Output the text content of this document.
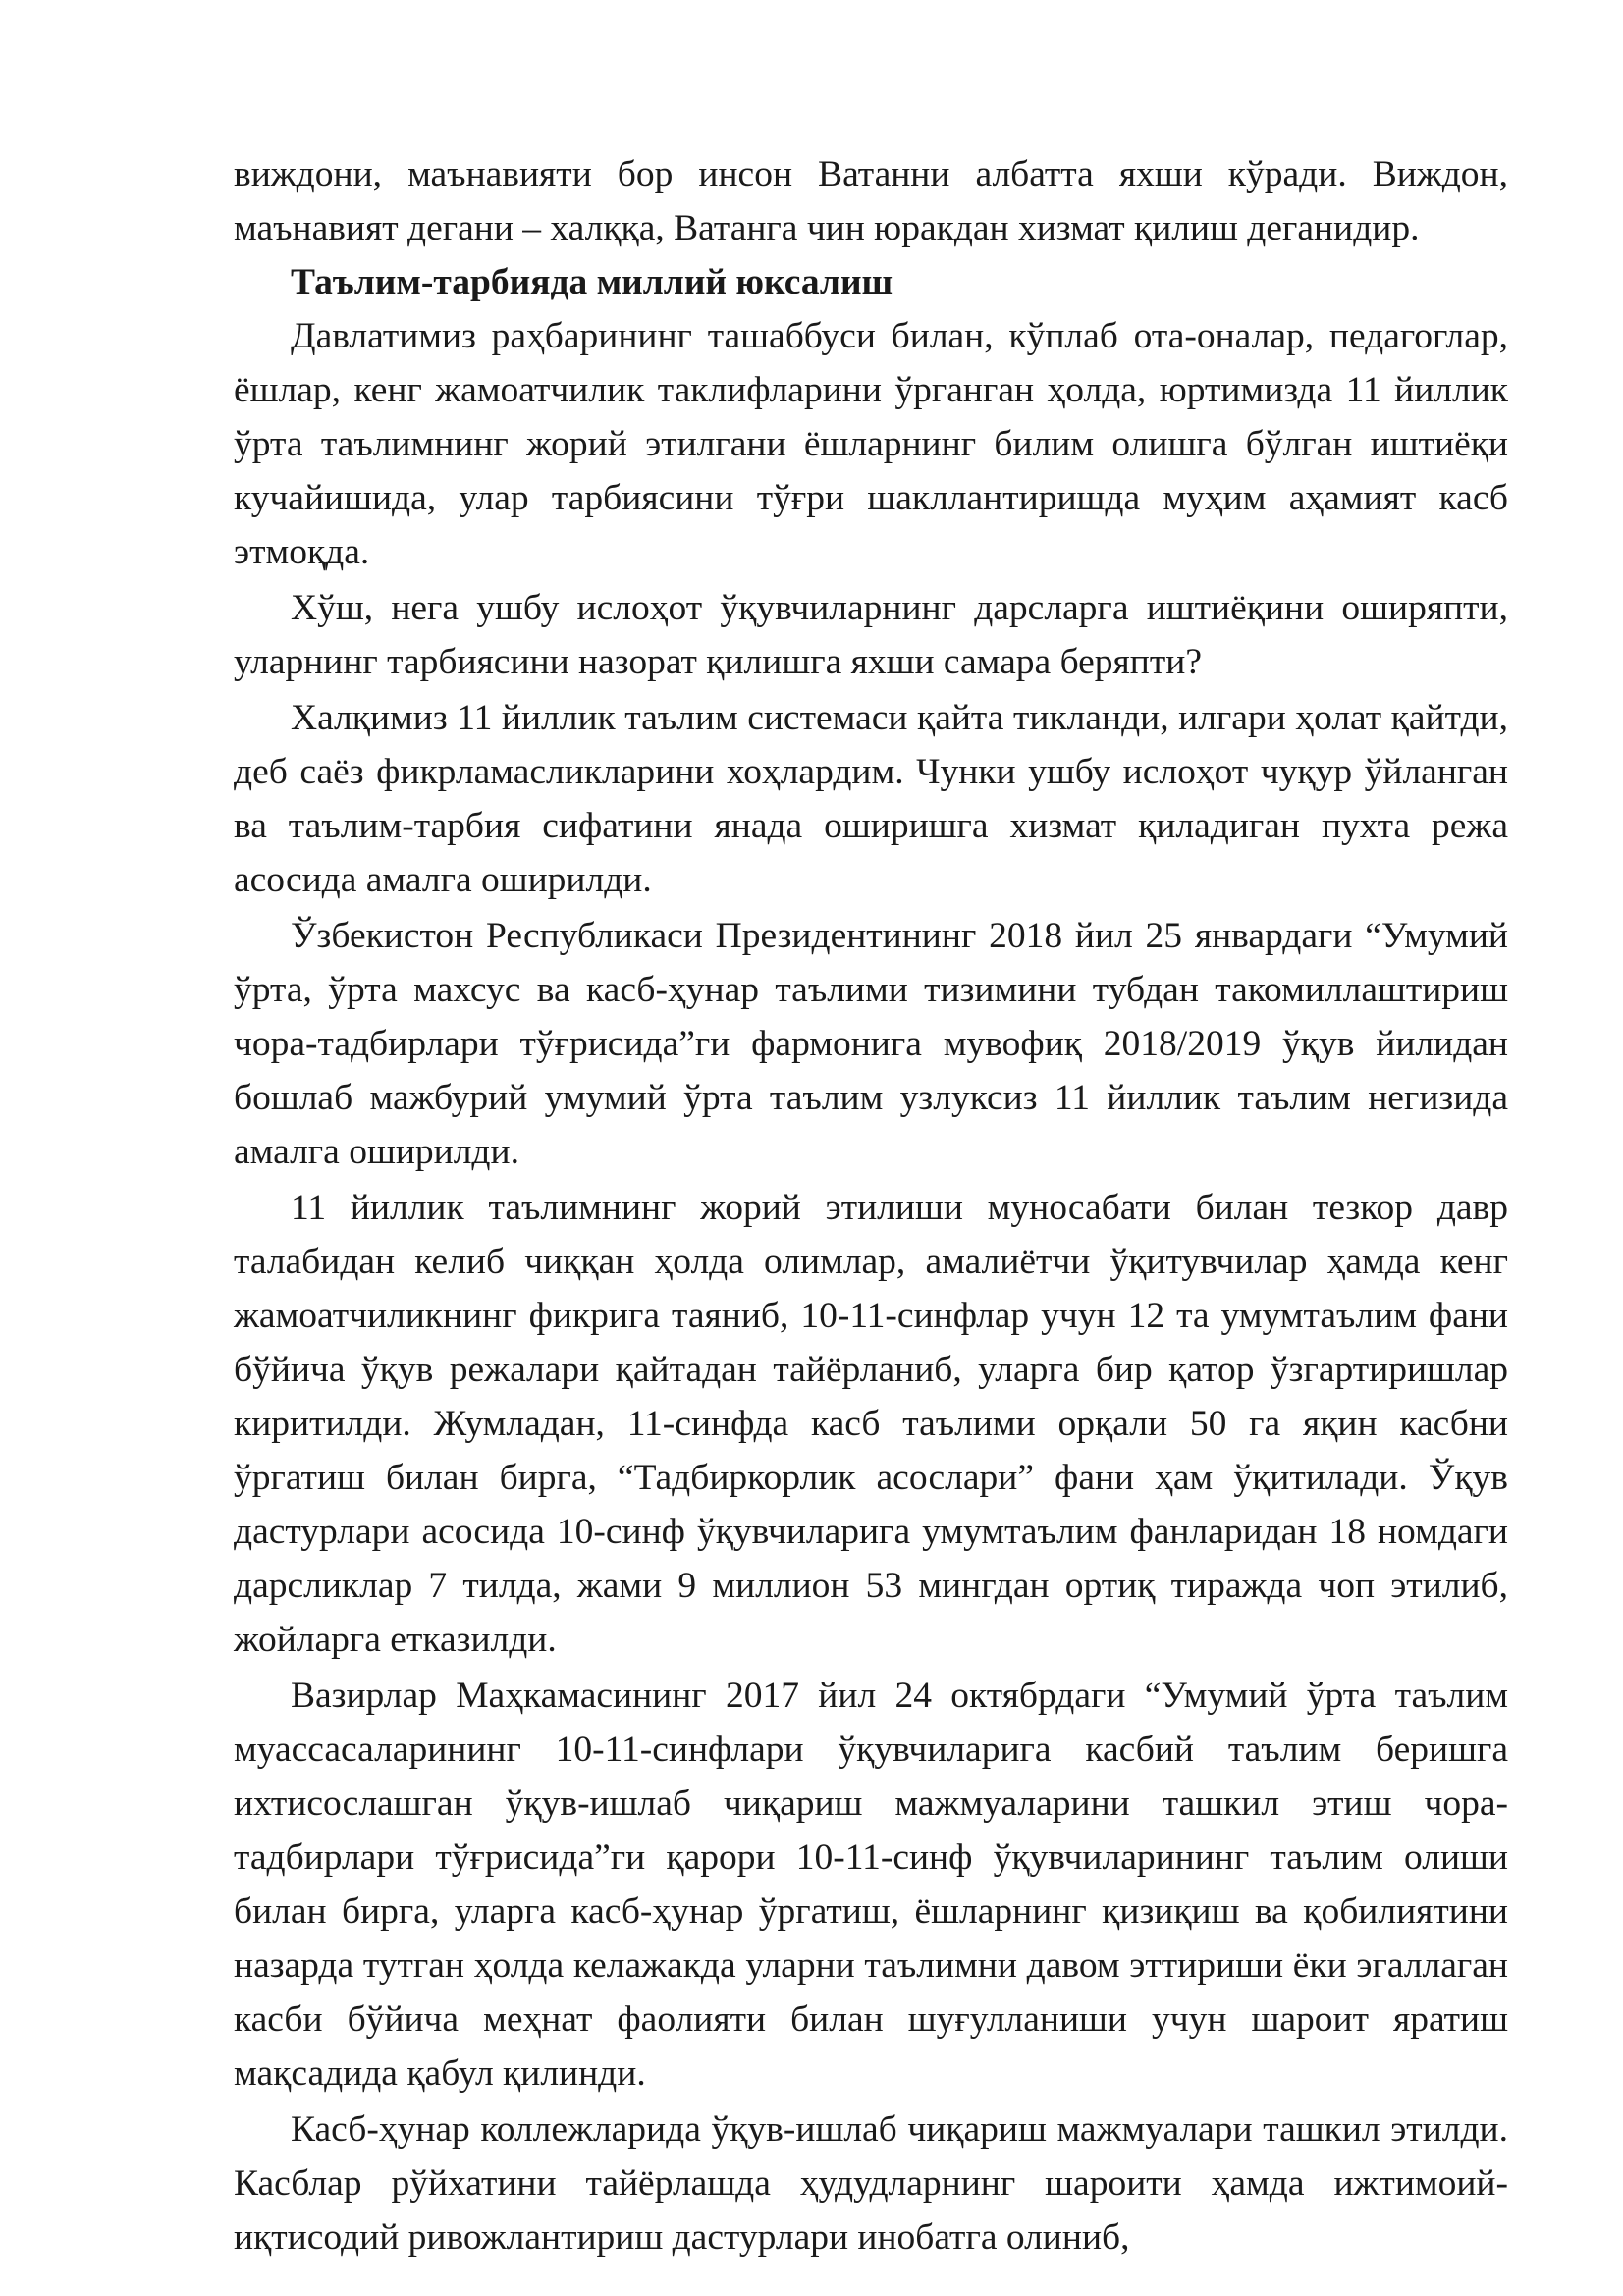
виждони, маънавияти бор инсон Ватанни албатта яхши кўради. Виждон, маънавият дегани – халққа, Ватанга чин юракдан хизмат қилиш деганидир.

Таълим-тарбияда миллий юксалиш

Давлатимиз раҳбарининг ташаббуси билан, кўплаб ота-оналар, педагоглар, ёшлар, кенг жамоатчилик таклифларини ўрганган ҳолда, юртимизда 11 йиллик ўрта таълимнинг жорий этилгани ёшларнинг билим олишга бўлган иштиёқи кучайишида, улар тарбиясини тўғри шакллантиришда муҳим аҳамият касб этмоқда.

Хўш, нега ушбу ислоҳот ўқувчиларнинг дарсларга иштиёқини оширяпти, уларнинг тарбиясини назорат қилишга яхши самара беряпти?

Халқимиз 11 йиллик таълим системаси қайта тикланди, илгари ҳолат қайтди, деб саёз фикрламасликларини хоҳлардим. Чунки ушбу ислоҳот чуқур ўйланган ва таълим-тарбия сифатини янада оширишга хизмат қиладиган пухта режа асосида амалга оширилди.

Ўзбекистон Республикаси Президентининг 2018 йил 25 январдаги “Умумий ўрта, ўрта махсус ва касб-ҳунар таълими тизимини тубдан такомиллаштириш чора-тадбирлари тўғрисида”ги фармонига мувофиқ 2018/2019 ўқув йилидан бошлаб мажбурий умумий ўрта таълим узлуксиз 11 йиллик таълим негизида амалга оширилди.

11 йиллик таълимнинг жорий этилиши муносабати билан тезкор давр талабидан келиб чиққан ҳолда олимлар, амалиётчи ўқитувчилар ҳамда кенг жамоатчиликнинг фикрига таяниб, 10-11-синфлар учун 12 та умумтаълим фани бўйича ўқув режалари қайтадан тайёрланиб, уларга бир қатор ўзгартиришлар киритилди. Жумладан, 11-синфда касб таълими орқали 50 га яқин касбни ўргатиш билан бирга, “Тадбиркорлик асослари” фани ҳам ўқитилади. Ўқув дастурлари асосида 10-синф ўқувчиларига умумтаълим фанларидан 18 номдаги дарсликлар 7 тилда, жами 9 миллион 53 мингдан ортиқ тиражда чоп этилиб, жойларга етказилди.

Вазирлар Маҳкамасининг 2017 йил 24 октябрдаги “Умумий ўрта таълим муассасаларининг 10-11-синфлари ўқувчиларига касбий таълим беришга ихтисослашган ўқув-ишлаб чиқариш мажмуаларини ташкил этиш чора-тадбирлари тўғрисида”ги қарори 10-11-синф ўқувчиларининг таълим олиши билан бирга, уларга касб-ҳунар ўргатиш, ёшларнинг қизиқиш ва қобилиятини назарда тутган ҳолда келажакда уларни таълимни давом эттириши ёки эгаллаган касби бўйича меҳнат фаолияти билан шуғулланиши учун шароит яратиш мақсадида қабул қилинди.

Касб-ҳунар коллежларида ўқув-ишлаб чиқариш мажмуалари ташкил этилди. Касблар рўйхатини тайёрлашда ҳудудларнинг шароити ҳамда ижтимоий-иқтисодий ривожлантириш дастурлари инобатга олиниб,
